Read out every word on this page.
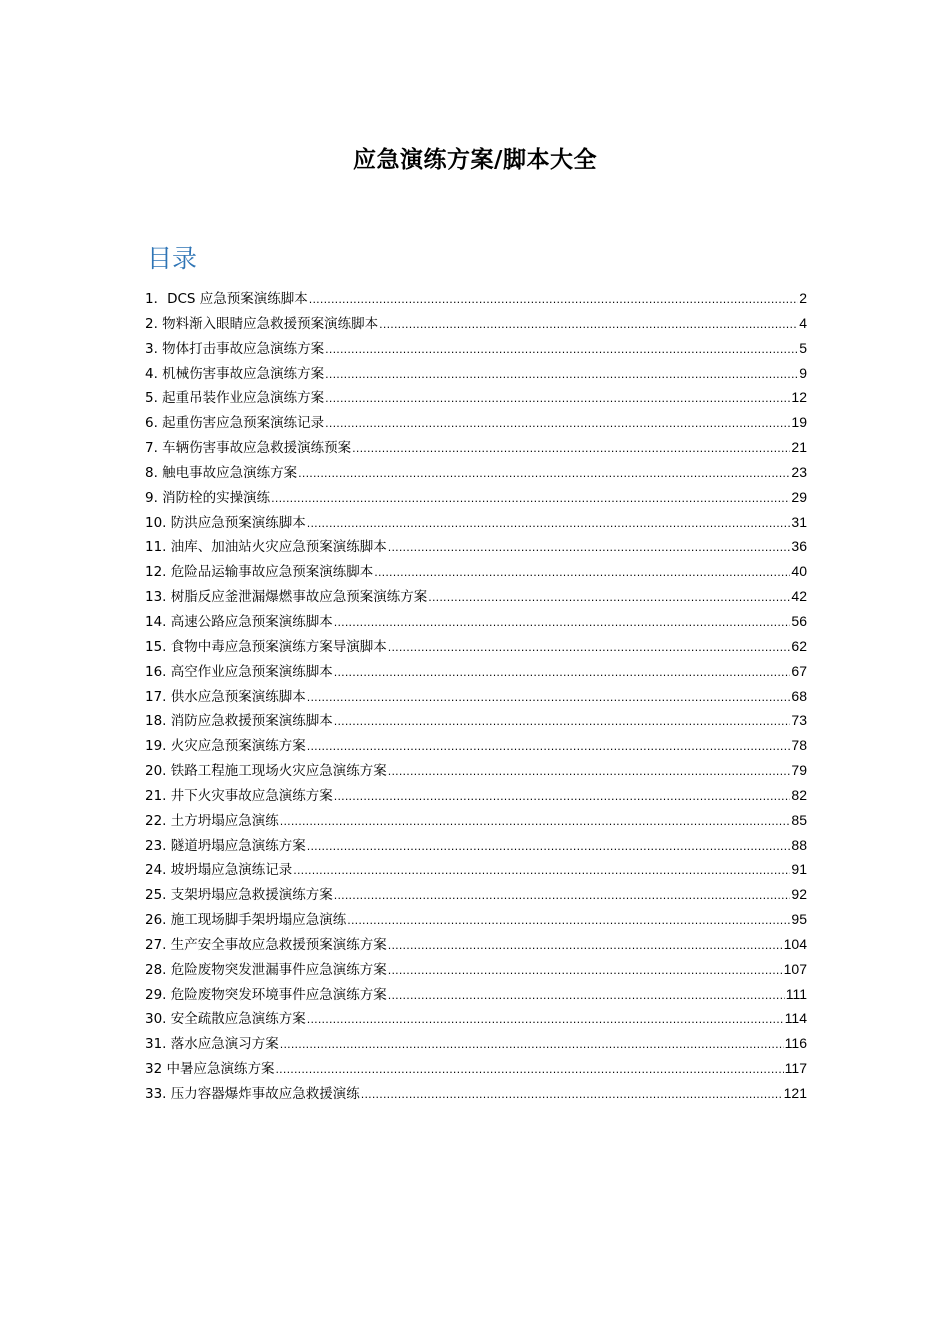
应急演练方案/脚本大全
目录
1．DCS 应急预案演练脚本 .....	2
2. 物料渐入眼睛应急救援预案演练脚本 .....	4
3. 物体打击事故应急演练方案 .....	5
4. 机械伤害事故应急演练方案 .....	9
5. 起重吊装作业应急演练方案 .....	12
6. 起重伤害应急预案演练记录 .....	19
7. 车辆伤害事故应急救援演练预案 .....	21
8. 触电事故应急演练方案 .....	23
9. 消防栓的实操演练 .....	29
10. 防洪应急预案演练脚本 .....	31
11. 油库、加油站火灾应急预案演练脚本 .....	36
12. 危险品运输事故应急预案演练脚本 .....	40
13. 树脂反应釜泄漏爆燃事故应急预案演练方案 .....	42
14. 高速公路应急预案演练脚本 .....	56
15. 食物中毒应急预案演练方案导演脚本 .....	62
16. 高空作业应急预案演练脚本 .....	67
17. 供水应急预案演练脚本 .....	68
18. 消防应急救援预案演练脚本 .....	73
19. 火灾应急预案演练方案 .....	78
20. 铁路工程施工现场火灾应急演练方案 .....	79
21. 井下火灾事故应急演练方案 .....	82
22. 土方坍塌应急演练 .....	85
23. 隧道坍塌应急演练方案 .....	88
24. 坡坍塌应急演练记录 .....	91
25. 支架坍塌应急救援演练方案 .....	92
26. 施工现场脚手架坍塌应急演练 .....	95
27. 生产安全事故应急救援预案演练方案 .....	104
28. 危险废物突发泄漏事件应急演练方案 .....	107
29. 危险废物突发环境事件应急演练方案 .....	111
30. 安全疏散应急演练方案 .....	114
31. 落水应急演习方案 .....	116
32 中暑应急演练方案 .....	117
33. 压力容器爆炸事故应急救援演练 .....	121
